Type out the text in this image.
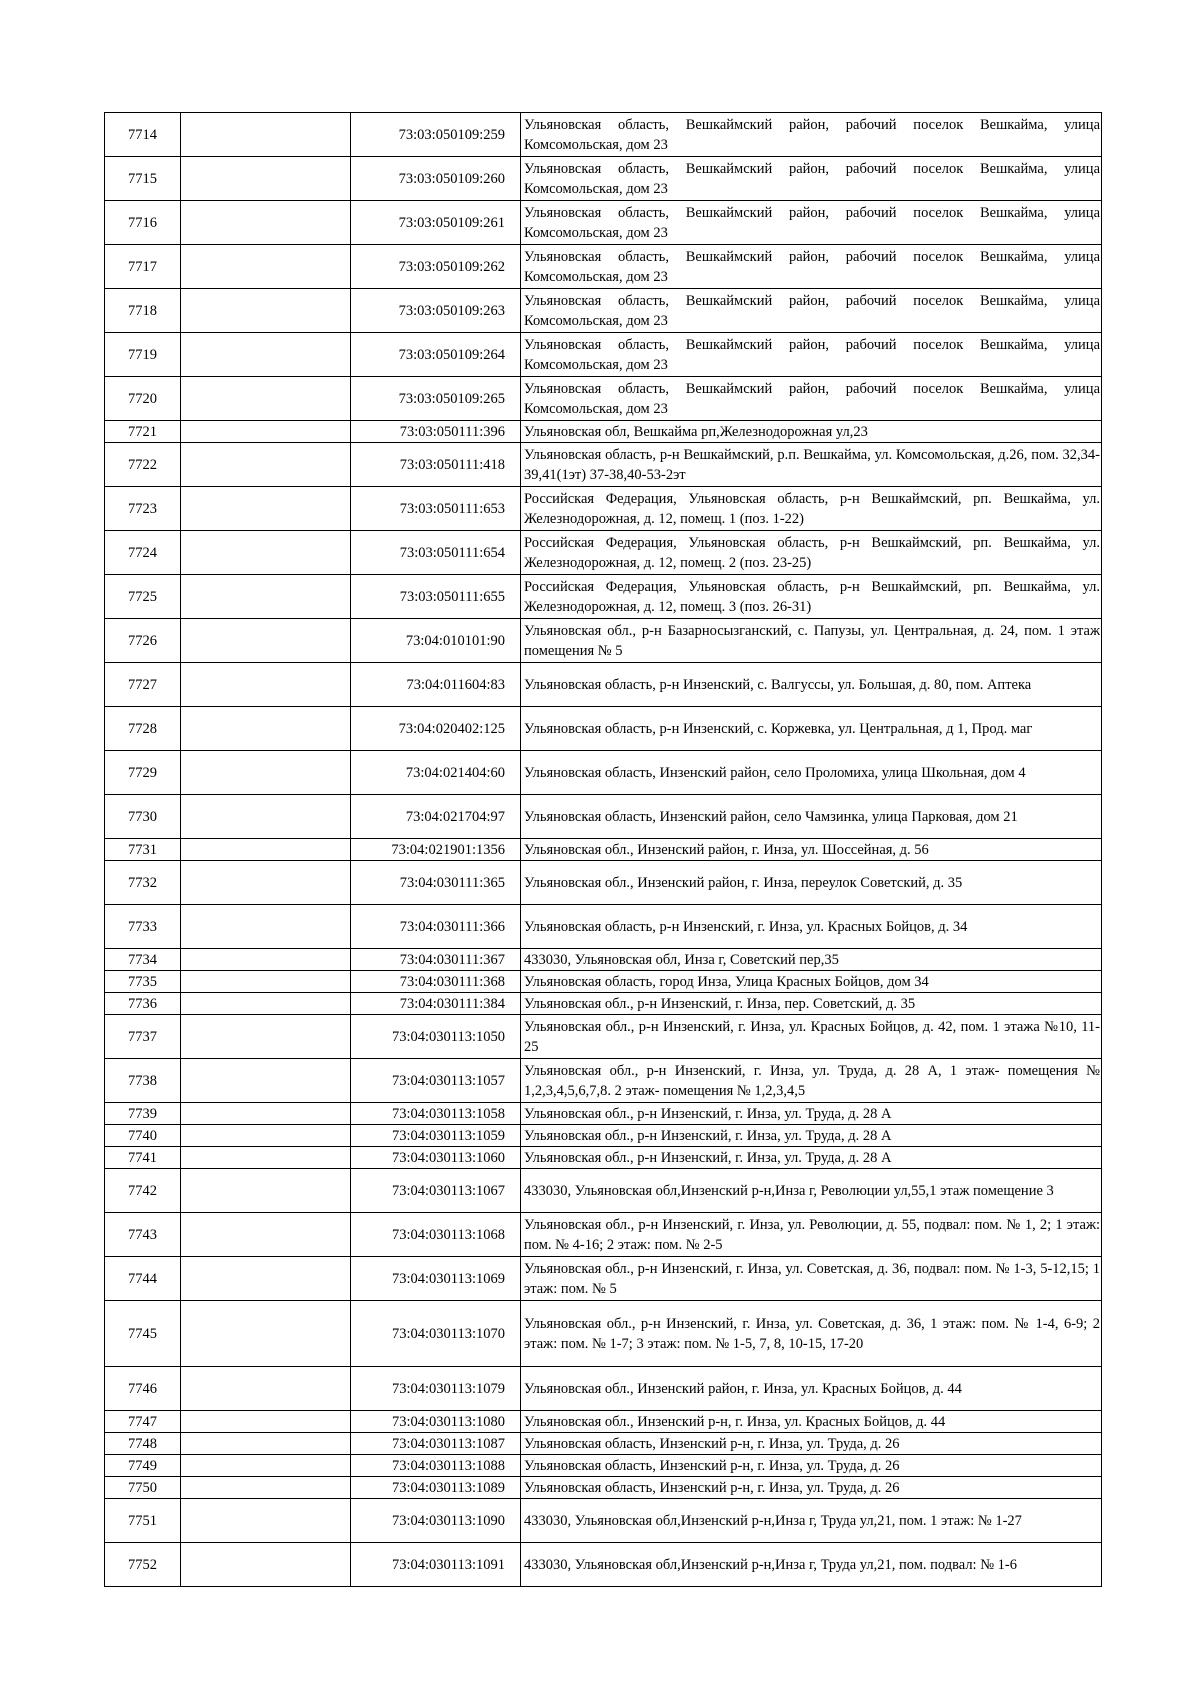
7714		73:03:050109:259	Ульяновская область, Вешкаймский район, рабочий поселок Вешкайма, улица Комсомольская, дом 23
7715		73:03:050109:260	Ульяновская область, Вешкаймский район, рабочий поселок Вешкайма, улица Комсомольская, дом 23
7716		73:03:050109:261	Ульяновская область, Вешкаймский район, рабочий поселок Вешкайма, улица Комсомольская, дом 23
7717		73:03:050109:262	Ульяновская область, Вешкаймский район, рабочий поселок Вешкайма, улица Комсомольская, дом 23
7718		73:03:050109:263	Ульяновская область, Вешкаймский район, рабочий поселок Вешкайма, улица Комсомольская, дом 23
7719		73:03:050109:264	Ульяновская область, Вешкаймский район, рабочий поселок Вешкайма, улица Комсомольская, дом 23
7720		73:03:050109:265	Ульяновская область, Вешкаймский район, рабочий поселок Вешкайма, улица Комсомольская, дом 23
7721		73:03:050111:396	Ульяновская обл, Вешкайма рп,Железнодорожная ул,23
7722		73:03:050111:418	Ульяновская область, р-н Вешкаймский, р.п. Вешкайма, ул. Комсомольская, д.26, пом. 32,34-39,41(1эт) 37-38,40-53-2эт
7723		73:03:050111:653	Российская Федерация, Ульяновская область, р-н Вешкаймский, рп. Вешкайма, ул. Железнодорожная, д. 12, помещ. 1 (поз. 1-22)
7724		73:03:050111:654	Российская Федерация, Ульяновская область, р-н Вешкаймский, рп. Вешкайма, ул. Железнодорожная, д. 12, помещ. 2 (поз. 23-25)
7725		73:03:050111:655	Российская Федерация, Ульяновская область, р-н Вешкаймский, рп. Вешкайма, ул. Железнодорожная, д. 12, помещ. 3 (поз. 26-31)
7726		73:04:010101:90	Ульяновская обл., р-н Базарносызганский, с. Папузы, ул. Центральная, д. 24, пом. 1 этаж помещения № 5
7727		73:04:011604:83	Ульяновская область, р-н Инзенский, с. Валгуссы, ул. Большая, д. 80, пом. Аптека
7728		73:04:020402:125	Ульяновская область, р-н Инзенский, с. Коржевка, ул. Центральная, д 1, Прод. маг
7729		73:04:021404:60	Ульяновская область, Инзенский район, село Проломиха, улица Школьная, дом 4
7730		73:04:021704:97	Ульяновская область, Инзенский район, село Чамзинка, улица Парковая, дом 21
7731		73:04:021901:1356	Ульяновская обл., Инзенский район, г. Инза, ул. Шоссейная, д. 56
7732		73:04:030111:365	Ульяновская обл., Инзенский район, г. Инза, переулок Советский, д. 35
7733		73:04:030111:366	Ульяновская область, р-н Инзенский, г. Инза, ул. Красных Бойцов, д. 34
7734		73:04:030111:367	433030, Ульяновская обл, Инза г, Советский пер,35
7735		73:04:030111:368	Ульяновская область, город Инза, Улица Красных Бойцов, дом 34
7736		73:04:030111:384	Ульяновская обл., р-н Инзенский, г. Инза, пер. Советский, д. 35
7737		73:04:030113:1050	Ульяновская обл., р-н Инзенский, г. Инза, ул. Красных Бойцов, д. 42, пом. 1 этажа №10, 11-25
7738		73:04:030113:1057	Ульяновская обл., р-н Инзенский, г. Инза, ул. Труда, д. 28 А, 1 этаж- помещения № 1,2,3,4,5,6,7,8. 2 этаж- помещения № 1,2,3,4,5
7739		73:04:030113:1058	Ульяновская обл., р-н Инзенский, г. Инза, ул. Труда, д. 28 А
7740		73:04:030113:1059	Ульяновская обл., р-н Инзенский, г. Инза, ул. Труда, д. 28 А
7741		73:04:030113:1060	Ульяновская обл., р-н Инзенский, г. Инза, ул. Труда, д. 28 А
7742		73:04:030113:1067	433030, Ульяновская обл,Инзенский р-н,Инза г, Революции ул,55,1 этаж помещение 3
7743		73:04:030113:1068	Ульяновская обл., р-н Инзенский, г. Инза, ул. Революции, д. 55, подвал: пом. № 1, 2; 1 этаж: пом. № 4-16; 2 этаж: пом. № 2-5
7744		73:04:030113:1069	Ульяновская обл., р-н Инзенский, г. Инза, ул. Советская, д. 36, подвал: пом. № 1-3, 5-12,15; 1 этаж: пом. № 5
7745		73:04:030113:1070	Ульяновская обл., р-н Инзенский, г. Инза, ул. Советская, д. 36, 1 этаж: пом. № 1-4, 6-9; 2 этаж: пом. № 1-7; 3 этаж: пом. № 1-5, 7, 8, 10-15, 17-20
7746		73:04:030113:1079	Ульяновская обл., Инзенский район, г. Инза, ул. Красных Бойцов, д. 44
7747		73:04:030113:1080	Ульяновская обл., Инзенский р-н, г. Инза, ул. Красных Бойцов, д. 44
7748		73:04:030113:1087	Ульяновская область, Инзенский р-н, г. Инза, ул. Труда, д. 26
7749		73:04:030113:1088	Ульяновская область, Инзенский р-н, г. Инза, ул. Труда, д. 26
7750		73:04:030113:1089	Ульяновская область, Инзенский р-н, г. Инза, ул. Труда, д. 26
7751		73:04:030113:1090	433030, Ульяновская обл,Инзенский р-н,Инза г, Труда ул,21, пом. 1 этаж: № 1-27
7752		73:04:030113:1091	433030, Ульяновская обл,Инзенский р-н,Инза г, Труда ул,21, пом. подвал: № 1-6
